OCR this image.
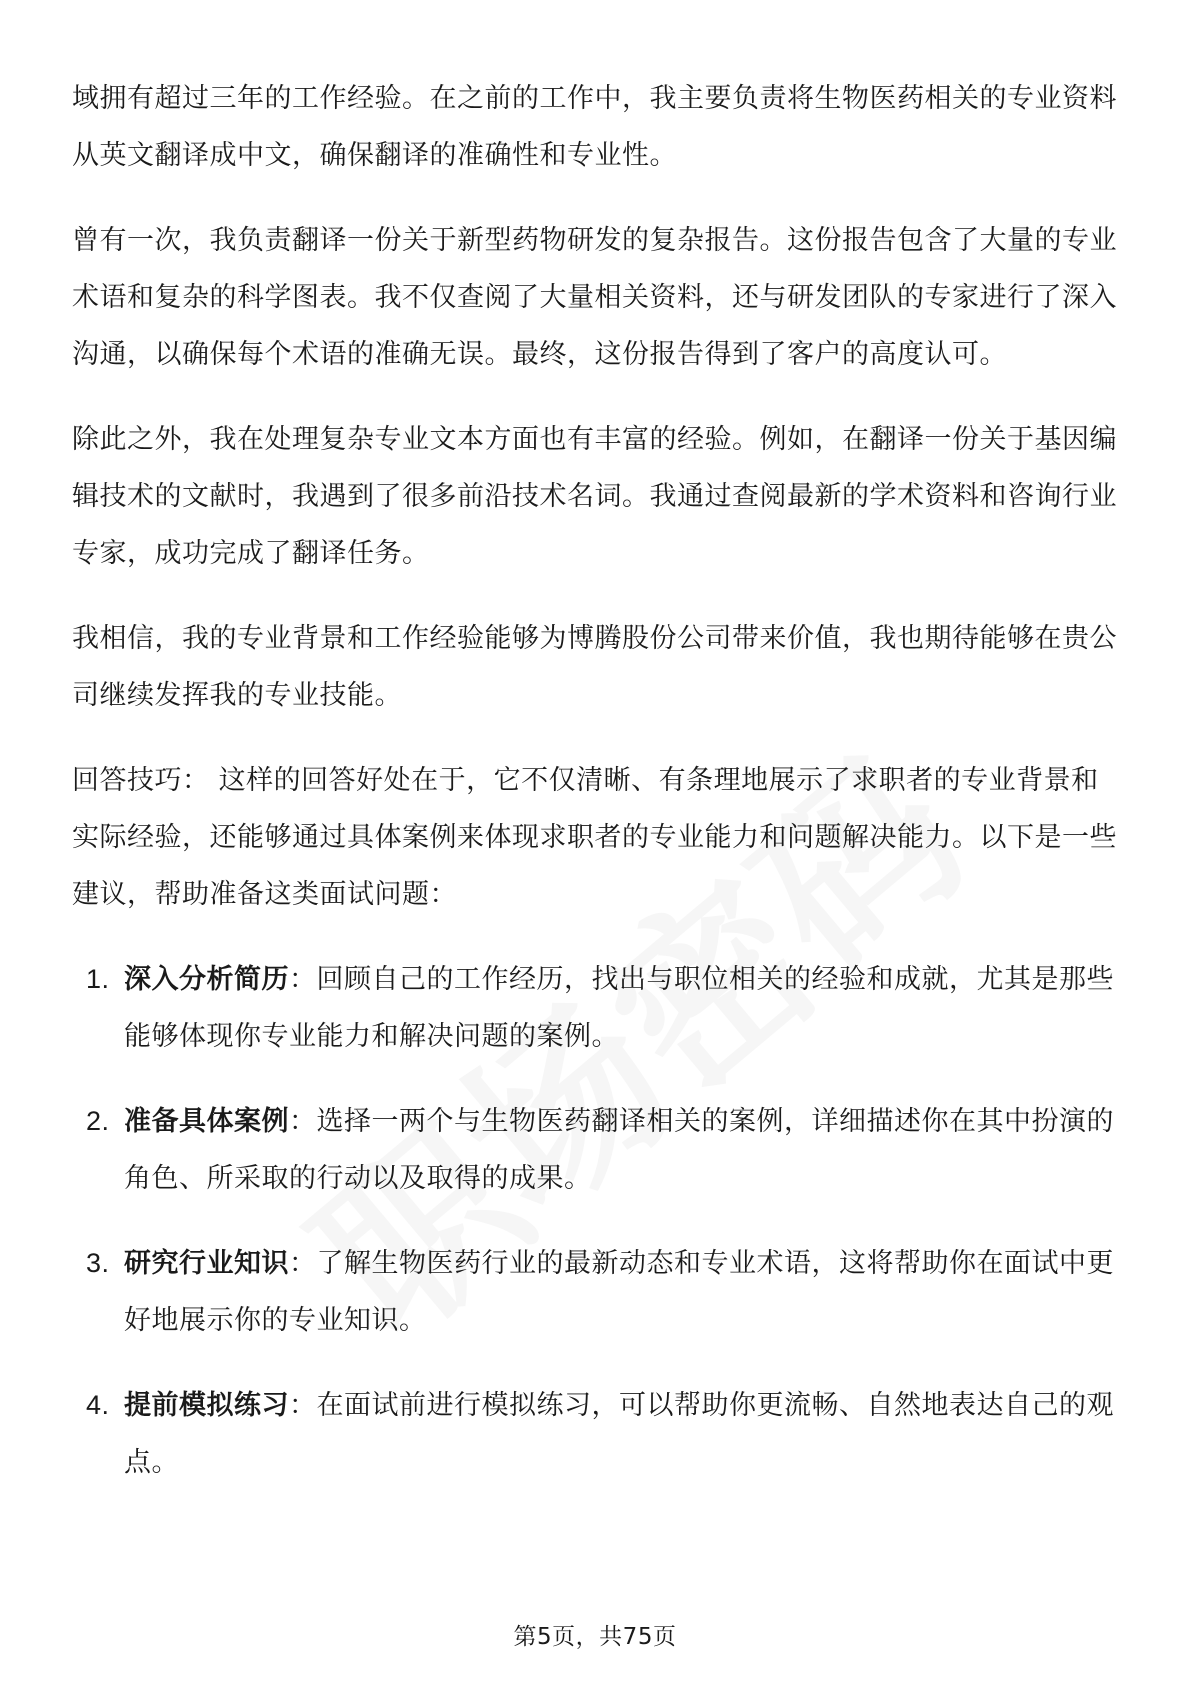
域拥有超过三年的工作经验。在之前的工作中，我主要负责将生物医药相关的专业资料从英文翻译成中文，确保翻译的准确性和专业性。

曾有一次，我负责翻译一份关于新型药物研发的复杂报告。这份报告包含了大量的专业术语和复杂的科学图表。我不仅查阅了大量相关资料，还与研发团队的专家进行了深入沟通，以确保每个术语的准确无误。最终，这份报告得到了客户的高度认可。

除此之外，我在处理复杂专业文本方面也有丰富的经验。例如，在翻译一份关于基因编辑技术的文献时，我遇到了很多前沿技术名词。我通过查阅最新的学术资料和咨询行业专家，成功完成了翻译任务。

我相信，我的专业背景和工作经验能够为博腾股份公司带来价值，我也期待能够在贵公司继续发挥我的专业技能。

回答技巧： 这样的回答好处在于，它不仅清晰、有条理地展示了求职者的专业背景和实际经验，还能够通过具体案例来体现求职者的专业能力和问题解决能力。以下是一些建议，帮助准备这类面试问题：

1. 深入分析简历：回顾自己的工作经历，找出与职位相关的经验和成就，尤其是那些能够体现你专业能力和解决问题的案例。
2. 准备具体案例：选择一两个与生物医药翻译相关的案例，详细描述你在其中扮演的角色、所采取的行动以及取得的成果。
3. 研究行业知识：了解生物医药行业的最新动态和专业术语，这将帮助你在面试中更好地展示你的专业知识。
4. 提前模拟练习：在面试前进行模拟练习，可以帮助你更流畅、自然地表达自己的观点。
第5页，共75页
